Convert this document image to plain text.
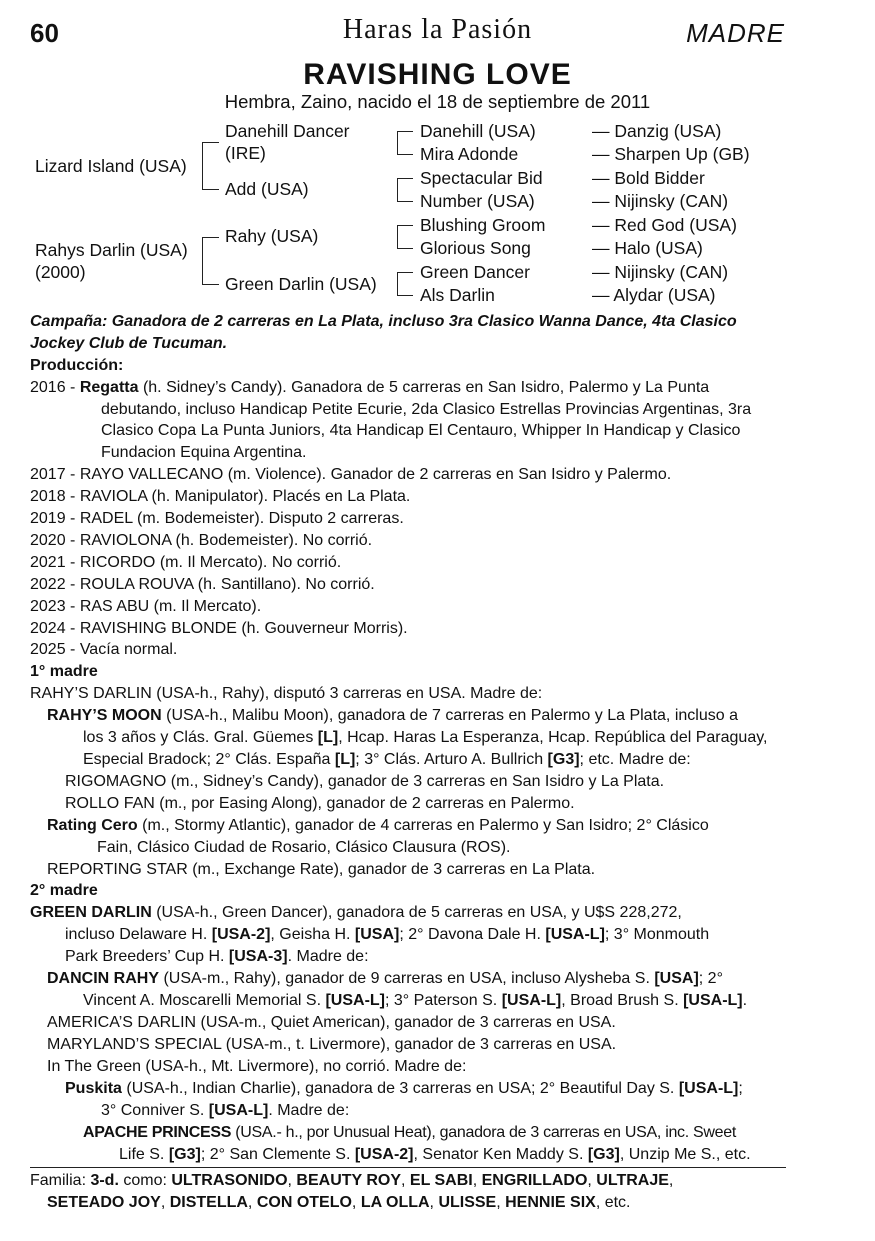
60	Haras la Pasión	MADRE
RAVISHING LOVE
Hembra, Zaino, nacido el 18 de septiembre de 2011
Lizard Island (USA)
Rahys Darlin (USA)
(2000)
Danehill Dancer
(IRE)
Add (USA)
Rahy (USA)
Green Darlin (USA)
Danehill (USA)
Mira Adonde
Spectacular Bid
Number (USA)
Blushing Groom
Glorious Song
Green Dancer
Als Darlin
— Danzig (USA)
— Sharpen Up (GB)
— Bold Bidder
— Nijinsky (CAN)
— Red God (USA)
— Halo (USA)
— Nijinsky (CAN)
— Alydar (USA)
Campaña: Ganadora de 2 carreras en La Plata, incluso 3ra Clasico Wanna Dance, 4ta Clasico
Jockey Club de Tucuman.
Producción:
2016 - Regatta (h. Sidney’s Candy). Ganadora de 5 carreras en San Isidro, Palermo y La Punta
debutando, incluso Handicap Petite Ecurie, 2da Clasico Estrellas Provincias Argentinas, 3ra
Clasico Copa La Punta Juniors, 4ta Handicap El Centauro, Whipper In Handicap y Clasico
Fundacion Equina Argentina.
2017 - RAYO VALLECANO (m. Violence). Ganador de 2 carreras en San Isidro y Palermo.
2018 - RAVIOLA (h. Manipulator). Placés en La Plata.
2019 - RADEL (m. Bodemeister). Disputo 2 carreras.
2020 - RAVIOLONA (h. Bodemeister). No corrió.
2021 - RICORDO (m. Il Mercato). No corrió.
2022 - ROULA ROUVA (h. Santillano). No corrió.
2023 - RAS ABU (m. Il Mercato).
2024 - RAVISHING BLONDE (h. Gouverneur Morris).
2025 - Vacía normal.
1° madre
RAHY’S DARLIN (USA-h., Rahy), disputó 3 carreras en USA. Madre de:
RAHY’S MOON (USA-h., Malibu Moon), ganadora de 7 carreras en Palermo y La Plata, incluso a
los 3 años y Clás. Gral. Güemes [L], Hcap. Haras La Esperanza, Hcap. República del Paraguay,
Especial Bradock; 2° Clás. España [L]; 3° Clás. Arturo A. Bullrich [G3]; etc. Madre de:
RIGOMAGNO (m., Sidney’s Candy), ganador de 3 carreras en San Isidro y La Plata.
ROLLO FAN (m., por Easing Along), ganador de 2 carreras en Palermo.
Rating Cero (m., Stormy Atlantic), ganador de 4 carreras en Palermo y San Isidro; 2° Clásico
Fain, Clásico Ciudad de Rosario, Clásico Clausura (ROS).
REPORTING STAR (m., Exchange Rate), ganador de 3 carreras en La Plata.
2° madre
GREEN DARLIN (USA-h., Green Dancer), ganadora de 5 carreras en USA, y U$S 228,272,
incluso Delaware H. [USA-2], Geisha H. [USA]; 2° Davona Dale H. [USA-L]; 3° Monmouth
Park Breeders’ Cup H. [USA-3]. Madre de:
DANCIN RAHY (USA-m., Rahy), ganador de 9 carreras en USA, incluso Alysheba S. [USA]; 2°
Vincent A. Moscarelli Memorial S. [USA-L]; 3° Paterson S. [USA-L], Broad Brush S. [USA-L].
AMERICA’S DARLIN (USA-m., Quiet American), ganador de 3 carreras en USA.
MARYLAND’S SPECIAL (USA-m., t. Livermore), ganador de 3 carreras en USA.
In The Green (USA-h., Mt. Livermore), no corrió. Madre de:
Puskita (USA-h., Indian Charlie), ganadora de 3 carreras en USA; 2° Beautiful Day S. [USA-L];
3° Conniver S. [USA-L]. Madre de:
APACHE PRINCESS (USA.- h., por Unusual Heat), ganadora de 3 carreras en USA, inc. Sweet
Life S. [G3]; 2° San Clemente S. [USA-2], Senator Ken Maddy S. [G3], Unzip Me S., etc.
Familia: 3-d. como: ULTRASONIDO, BEAUTY ROY, EL SABI, ENGRILLADO, ULTRAJE,
SETEADO JOY, DISTELLA, CON OTELO, LA OLLA, ULISSE, HENNIE SIX, etc.
